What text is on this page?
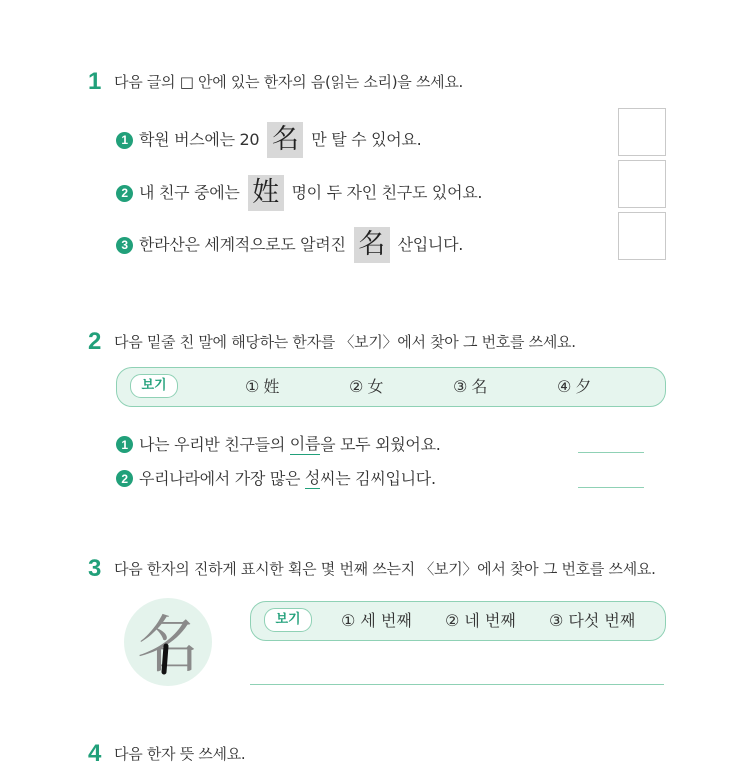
1 다음 글의 □ 안에 있는 한자의 음(읽는 소리)을 쓰세요.
1 학원 버스에는 20 名 만 탈 수 있어요.
2 내 친구 중에는 姓 명이 두 자인 친구도 있어요.
3 한라산은 세계적으로도 알려진 名 산입니다.
2 다음 밑줄 친 말에 해당하는 한자를 〈보기〉에서 찾아 그 번호를 쓰세요.
보기	① 姓	② 女	③ 名	④ 夕
1 나는 우리반 친구들의 이름 을 모두 외웠어요.
2 우리나라에서 가장 많은 성 씨는 김씨입니다.
3 다음 한자의 진하게 표시한 획은 몇 번째 쓰는지 〈보기〉에서 찾아 그 번호를 쓰세요.
名	보기	① 세 번째 ② 네 번째 ③ 다섯 번째
4 다음 한자 뜻 쓰세요.
